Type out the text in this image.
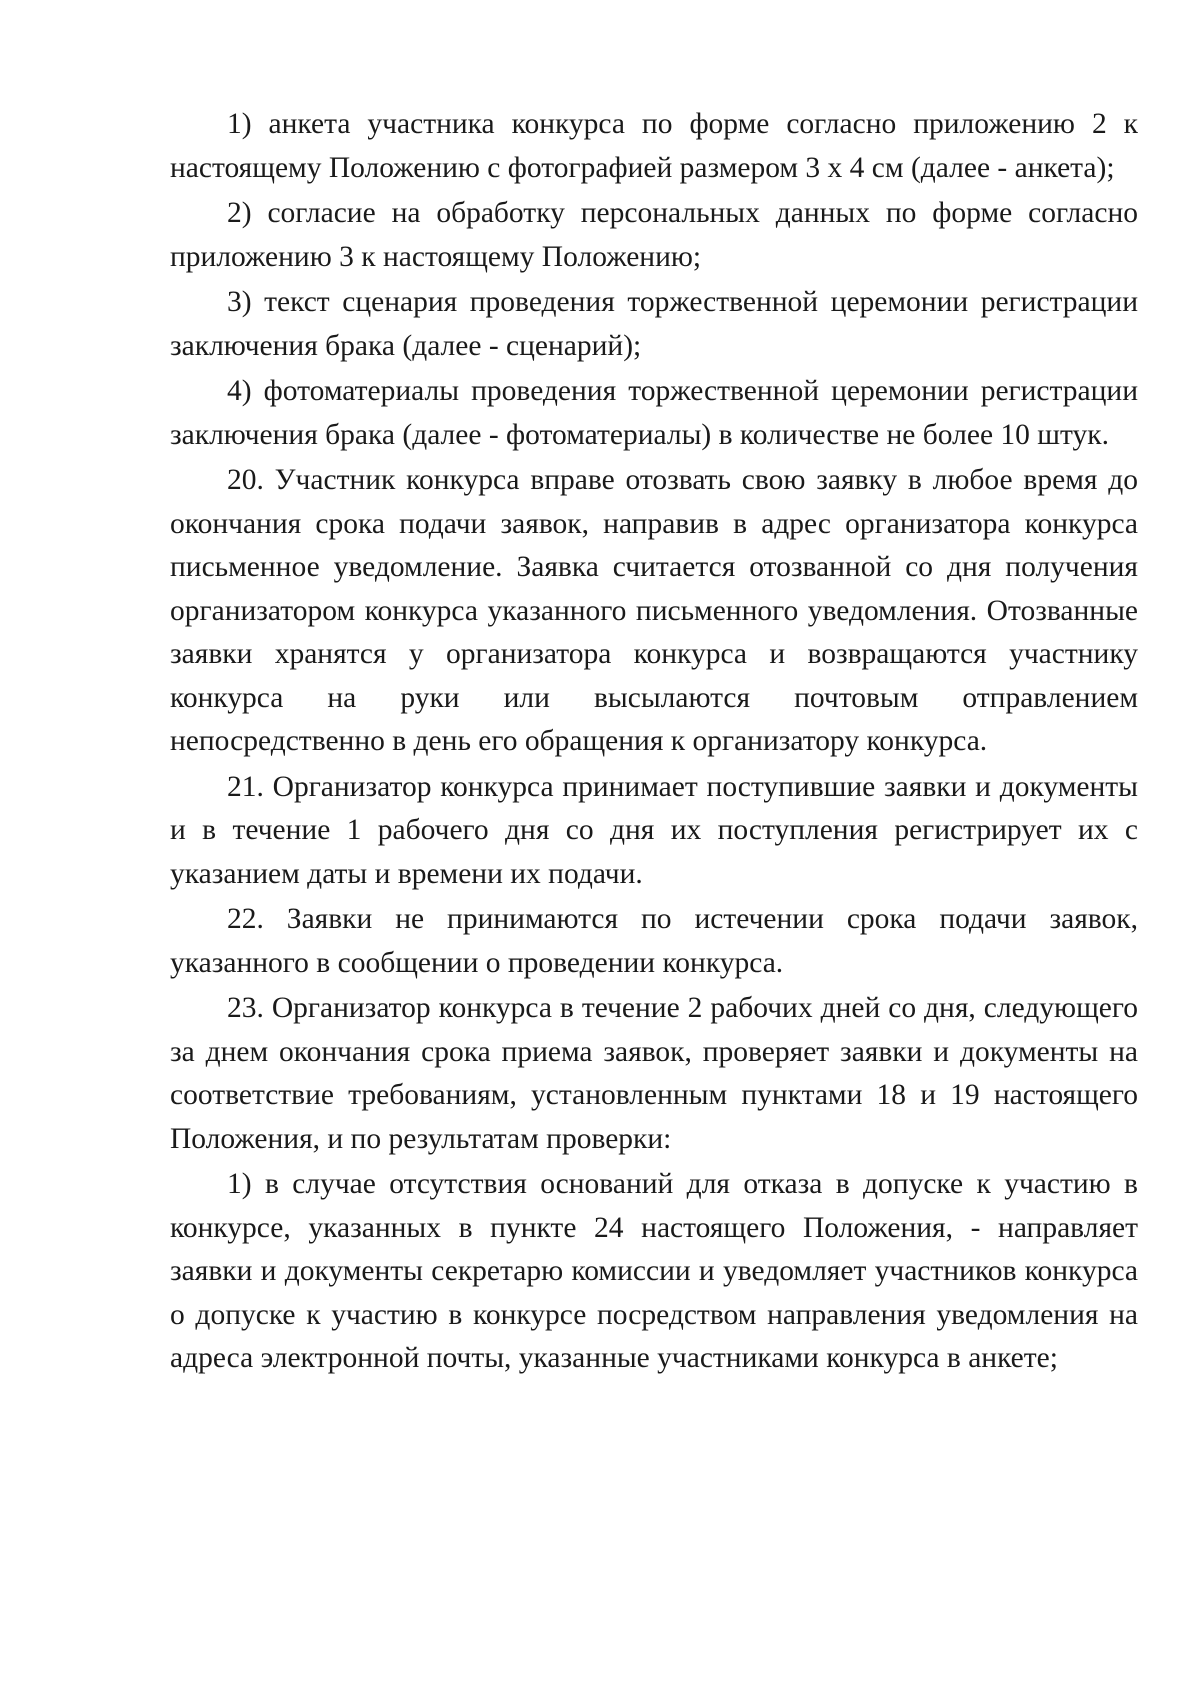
1) анкета участника конкурса по форме согласно приложению 2 к настоящему Положению с фотографией размером 3 х 4 см (далее - анкета);

2) согласие на обработку персональных данных по форме согласно приложению 3 к настоящему Положению;

3) текст сценария проведения торжественной церемонии регистрации заключения брака (далее - сценарий);

4) фотоматериалы проведения торжественной церемонии регистрации заключения брака (далее - фотоматериалы) в количестве не более 10 штук.

20. Участник конкурса вправе отозвать свою заявку в любое время до окончания срока подачи заявок, направив в адрес организатора конкурса письменное уведомление. Заявка считается отозванной со дня получения организатором конкурса указанного письменного уведомления. Отозванные заявки хранятся у организатора конкурса и возвращаются участнику конкурса на руки или высылаются почтовым отправлением непосредственно в день его обращения к организатору конкурса.

21. Организатор конкурса принимает поступившие заявки и документы и в течение 1 рабочего дня со дня их поступления регистрирует их с указанием даты и времени их подачи.

22. Заявки не принимаются по истечении срока подачи заявок, указанного в сообщении о проведении конкурса.

23. Организатор конкурса в течение 2 рабочих дней со дня, следующего за днем окончания срока приема заявок, проверяет заявки и документы на соответствие требованиям, установленным пунктами 18 и 19 настоящего Положения, и по результатам проверки:

1) в случае отсутствия оснований для отказа в допуске к участию в конкурсе, указанных в пункте 24 настоящего Положения, - направляет заявки и документы секретарю комиссии и уведомляет участников конкурса о допуске к участию в конкурсе посредством направления уведомления на адреса электронной почты, указанные участниками конкурса в анкете;
